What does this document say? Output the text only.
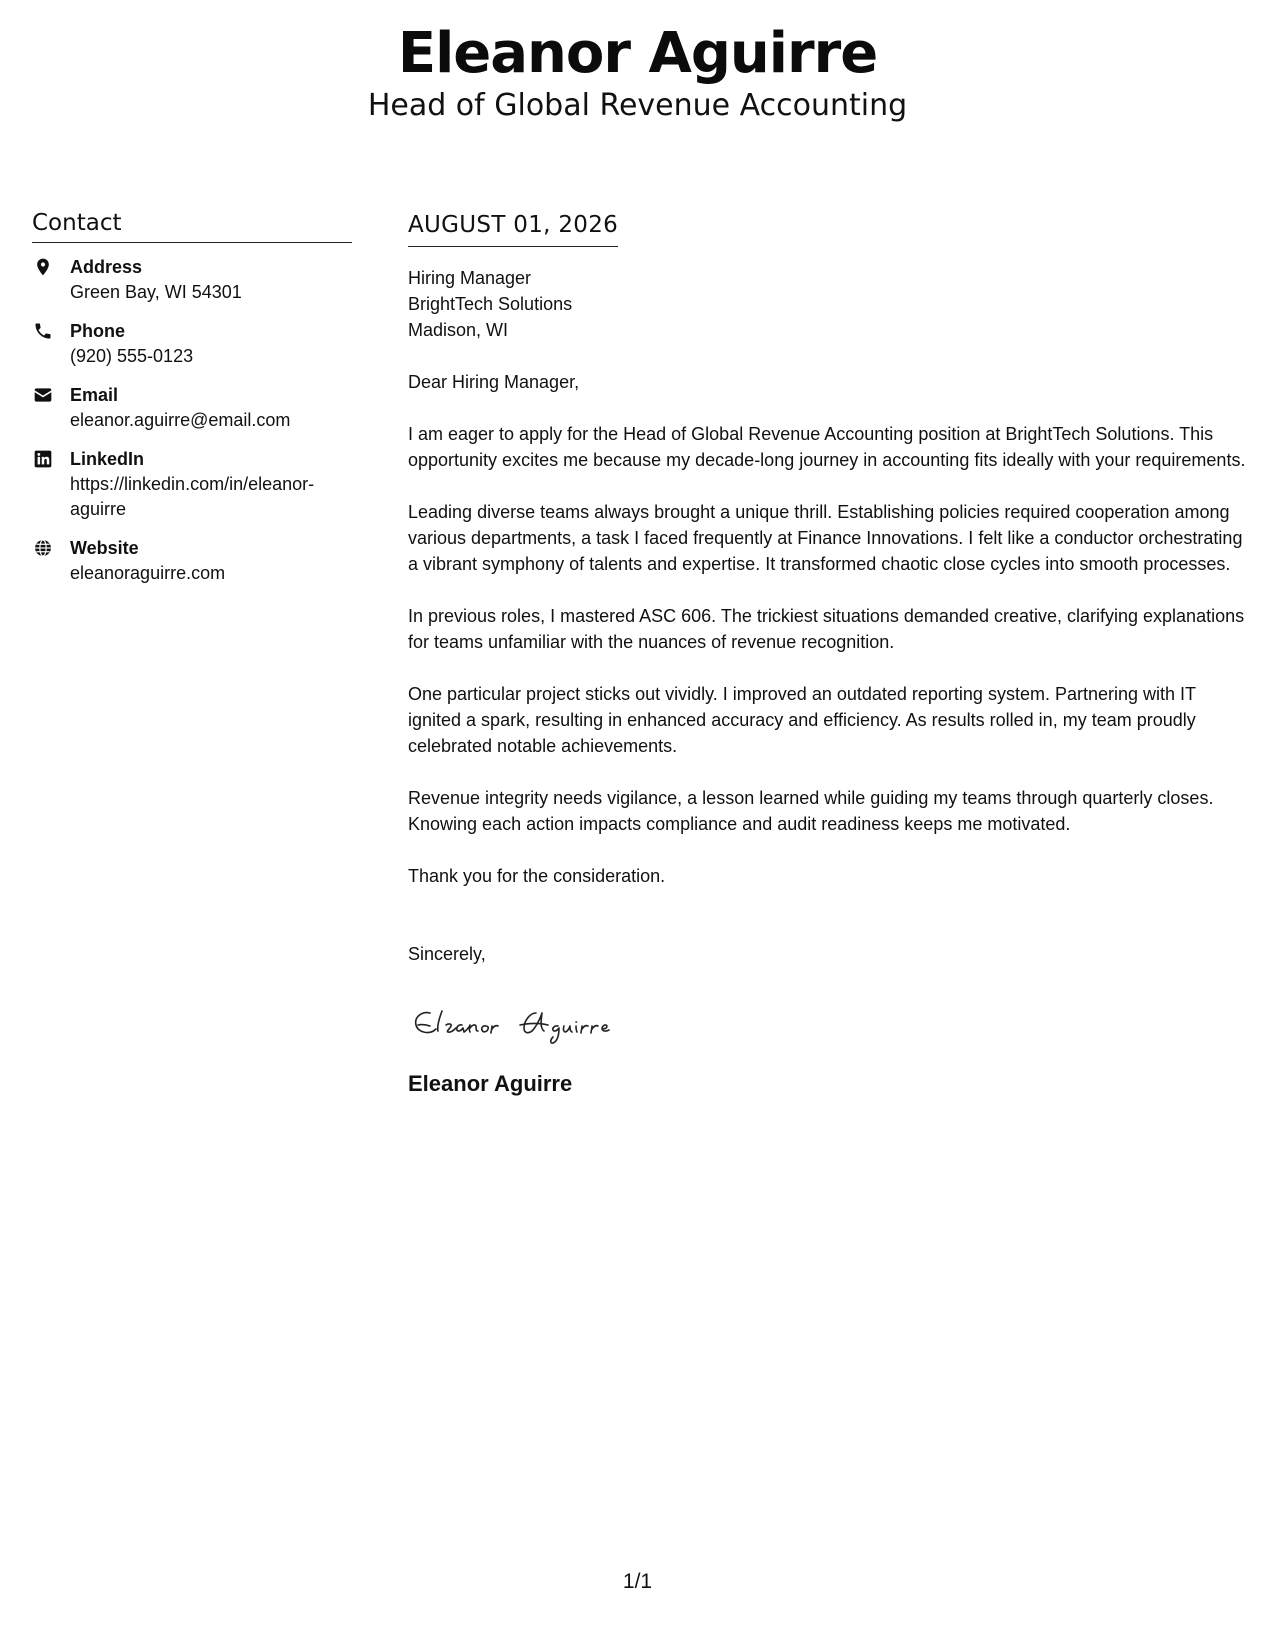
Eleanor Aguirre
Head of Global Revenue Accounting
Contact
Address
Green Bay, WI 54301
Phone
(920) 555-0123
Email
eleanor.aguirre@email.com
LinkedIn
https://linkedin.com/in/eleanor-aguirre
Website
eleanoraguirre.com
AUGUST 01, 2026
Hiring Manager
BrightTech Solutions
Madison, WI
Dear Hiring Manager,
I am eager to apply for the Head of Global Revenue Accounting position at BrightTech Solutions. This opportunity excites me because my decade-long journey in accounting fits ideally with your requirements.
Leading diverse teams always brought a unique thrill. Establishing policies required cooperation among various departments, a task I faced frequently at Finance Innovations. I felt like a conductor orchestrating a vibrant symphony of talents and expertise. It transformed chaotic close cycles into smooth processes.
In previous roles, I mastered ASC 606. The trickiest situations demanded creative, clarifying explanations for teams unfamiliar with the nuances of revenue recognition.
One particular project sticks out vividly. I improved an outdated reporting system. Partnering with IT ignited a spark, resulting in enhanced accuracy and efficiency. As results rolled in, my team proudly celebrated notable achievements.
Revenue integrity needs vigilance, a lesson learned while guiding my teams through quarterly closes. Knowing each action impacts compliance and audit readiness keeps me motivated.
Thank you for the consideration.
Sincerely,
Eleanor Aguirre
1/1
